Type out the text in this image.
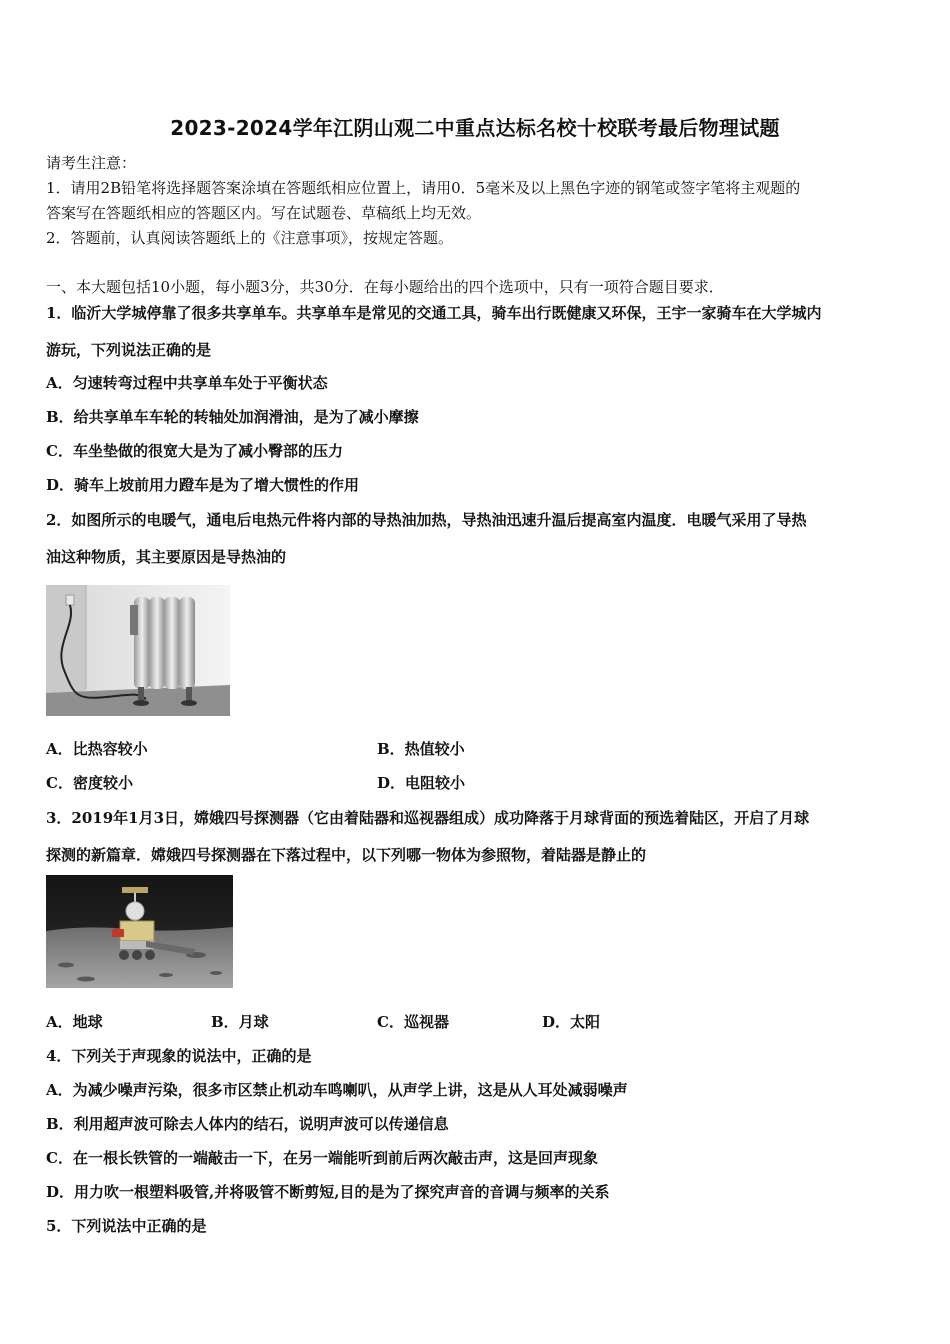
2023-2024学年江阴山观二中重点达标名校十校联考最后物理试题
请考生注意：
1．请用2B铅笔将选择题答案涂填在答题纸相应位置上，请用0．5毫米及以上黑色字迹的钢笔或签字笔将主观题的
答案写在答题纸相应的答题区内。写在试题卷、草稿纸上均无效。
2．答题前，认真阅读答题纸上的《注意事项》，按规定答题。
一、本大题包括10小题，每小题3分，共30分．在每小题给出的四个选项中，只有一项符合题目要求．
1．临沂大学城停靠了很多共享单车。共享单车是常见的交通工具，骑车出行既健康又环保，王宇一家骑车在大学城内
游玩，下列说法正确的是
A．匀速转弯过程中共享单车处于平衡状态
B．给共享单车车轮的转轴处加润滑油，是为了减小摩擦
C．车坐垫做的很宽大是为了减小臀部的压力
D．骑车上坡前用力蹬车是为了增大惯性的作用
2．如图所示的电暖气，通电后电热元件将内部的导热油加热，导热油迅速升温后提高室内温度．电暖气采用了导热
油这种物质，其主要原因是导热油的
A．比热容较小	B．热值较小
C．密度较小	D．电阻较小
3．2019年1月3日，嫦娥四号探测器（它由着陆器和巡视器组成）成功降落于月球背面的预选着陆区，开启了月球
探测的新篇章．嫦娥四号探测器在下落过程中，以下列哪一物体为参照物，着陆器是静止的
A．地球	B．月球	C．巡视器	D．太阳
4．下列关于声现象的说法中，正确的是
A．为减少噪声污染，很多市区禁止机动车鸣喇叭，从声学上讲，这是从人耳处减弱噪声
B．利用超声波可除去人体内的结石，说明声波可以传递信息
C．在一根长铁管的一端敲击一下，在另一端能听到前后两次敲击声，这是回声现象
D．用力吹一根塑料吸管,并将吸管不断剪短,目的是为了探究声音的音调与频率的关系
5．下列说法中正确的是
